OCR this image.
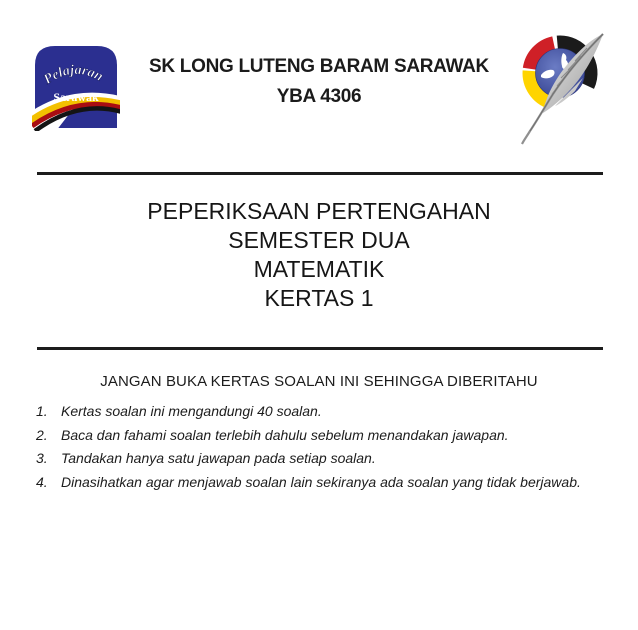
Pelajaran
Sarawak
SK LONG LUTENG BARAM SARAWAK
YBA 4306
PEPERIKSAAN PERTENGAHAN
SEMESTER DUA
MATEMATIK
KERTAS 1
JANGAN BUKA KERTAS SOALAN INI SEHINGGA DIBERITAHU
1. Kertas soalan ini mengandungi 40 soalan.
2. Baca dan fahami soalan terlebih dahulu sebelum menandakan jawapan.
3. Tandakan hanya satu jawapan pada setiap soalan.
4. Dinasihatkan agar menjawab soalan lain sekiranya ada soalan yang tidak berjawab.
